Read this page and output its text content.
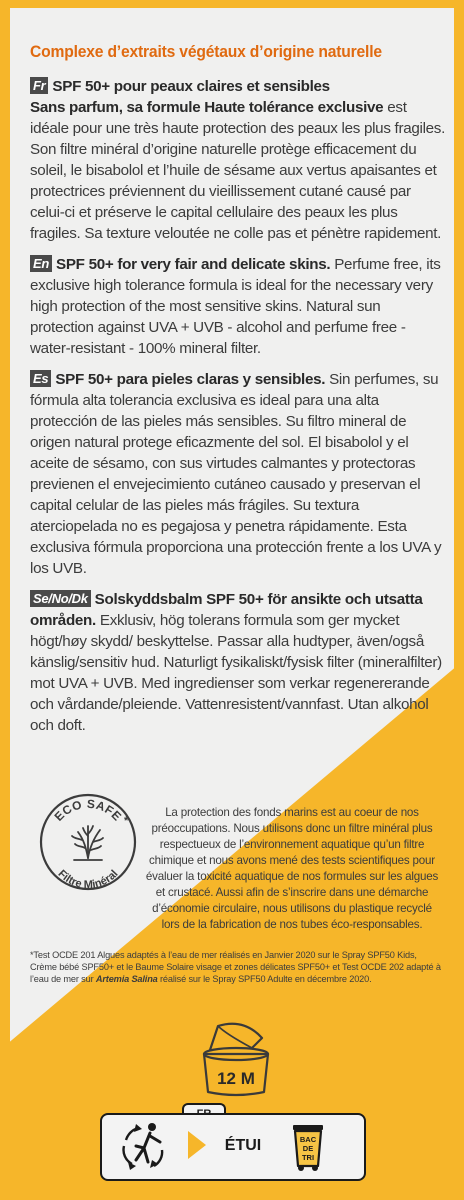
Complexe d’extraits végétaux d’origine naturelle

Fr SPF 50+ pour peaux claires et sensibles
Sans parfum, sa formule Haute tolérance exclusive est idéale pour une très haute protection des peaux les plus fragiles. Son filtre minéral d’origine naturelle protège efficacement du soleil, le bisabolol et l’huile de sésame aux vertus apaisantes et protectrices préviennent du vieillissement cutané causé par celui-ci et préserve le capital cellulaire des peaux les plus fragiles. Sa texture veloutée ne colle pas et pénètre rapidement.

En SPF 50+ for very fair and delicate skins. Perfume free, its exclusive high tolerance formula is ideal for the necessary very high protection of the most sensitive skins. Natural sun protection against UVA + UVB - alcohol and perfume free - water-resistant - 100% mineral filter.

Es SPF 50+ para pieles claras y sensibles. Sin perfumes, su fórmula alta tolerancia exclusiva es ideal para una alta protección de las pieles más sensibles. Su filtro mineral de origen natural protege eficazmente del sol. El bisabolol y el aceite de sésamo, con sus virtudes calmantes y protectoras previenen el envejecimiento cutáneo causado y preservan el capital celular de las pieles más frágiles. Su textura aterciopelada no es pegajosa y penetra rápidamente. Esta exclusiva fórmula proporciona una protección frente a los UVA y los UVB.

Se/No/Dk Solskyddsbalm SPF 50+ för ansikte och utsatta områden. Exklusiv, hög tolerans formula som ger mycket högt/høy skydd/ beskyttelse. Passar alla hudtyper, även/også känslig/sensitiv hud. Naturligt fysikaliskt/fysisk filter (mineralfilter) mot UVA + UVB. Med ingredienser som verkar regenererande och vårdande/pleiende. Vattenresistent/vannfast. Utan alkohol och doft.

ECO SAFE *
Filtre Minéral

La protection des fonds marins est au coeur de nos préoccupations. Nous utilisons donc un filtre minéral plus respectueux de l’environnement aquatique qu’un filtre chimique et nous avons mené des tests scientifiques pour évaluer la toxicité aquatique de nos formules sur les algues et crustacé. Aussi afin de s’inscrire dans une démarche d’économie circulaire, nous utilisons du plastique recyclé lors de la fabrication de nos tubes éco-responsables.

*Test OCDE 201 Algues adaptés à l’eau de mer réalisés en Janvier 2020 sur le Spray SPF50 Kids, Crème bébé SPF50+ et le Baume Solaire visage et zones délicates SPF50+ et Test OCDE 202 adapté à l’eau de mer sur Artemia Salina réalisé sur le Spray SPF50 Adulte en décembre 2020.

12 M
ÉTUI	BAC
DE
TRI
